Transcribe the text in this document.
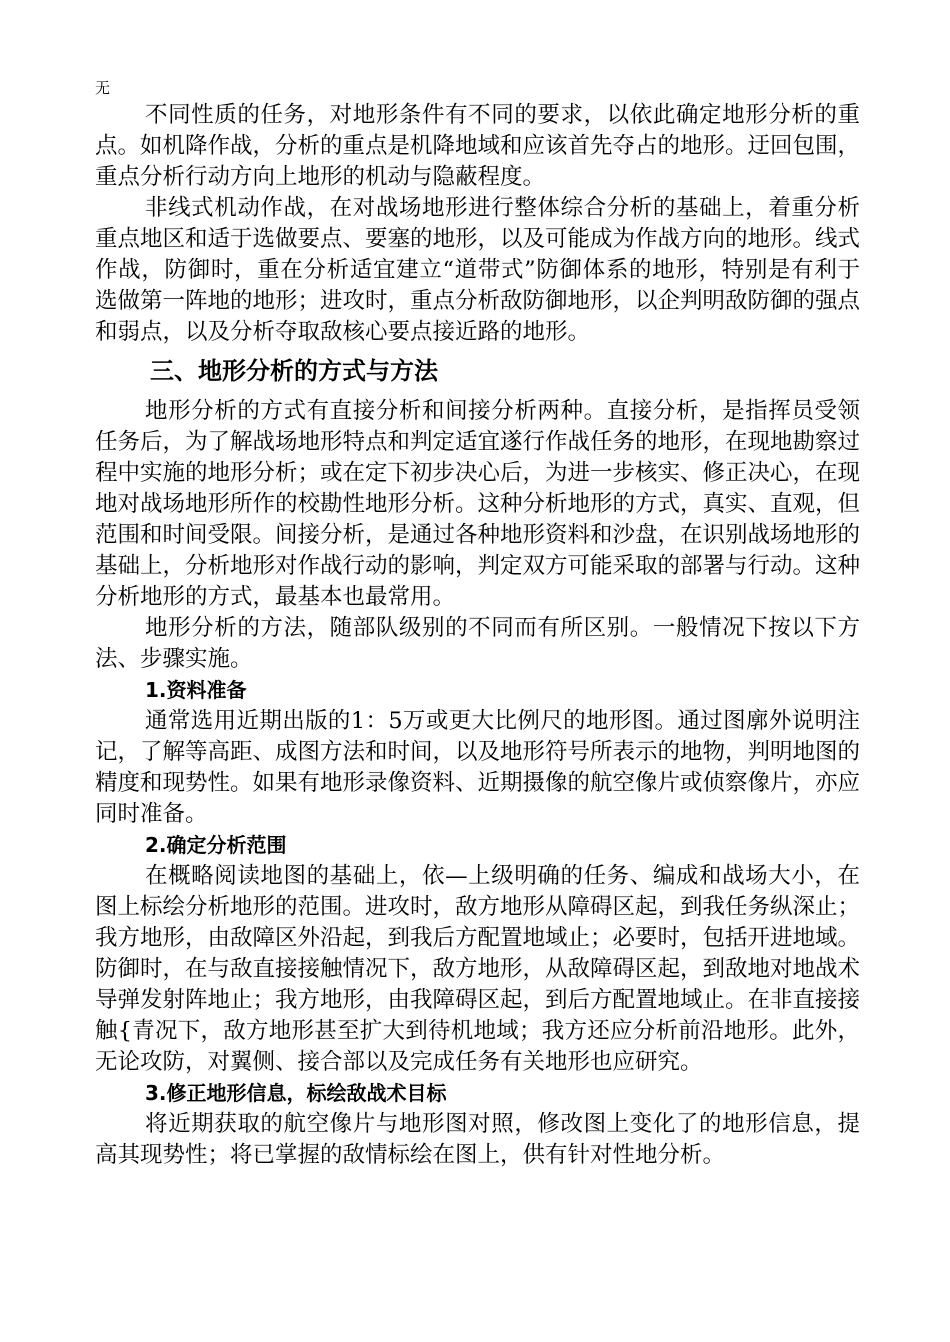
无

不同性质的任务，对地形条件有不同的要求，以依此确定地形分析的重点。如机降作战，分析的重点是机降地域和应该首先夺占的地形。迂回包围，重点分析行动方向上地形的机动与隐蔽程度。

非线式机动作战，在对战场地形进行整体综合分析的基础上，着重分析重点地区和适于选做要点、要塞的地形，以及可能成为作战方向的地形。线式作战，防御时，重在分析适宜建立“道带式”防御体系的地形，特别是有利于选做第一阵地的地形；进攻时，重点分析敌防御地形，以企判明敌防御的强点和弱点，以及分析夺取敌核心要点接近路的地形。

三、地形分析的方式与方法

地形分析的方式有直接分析和间接分析两种。直接分析，是指挥员受领任务后，为了解战场地形特点和判定适宜遂行作战任务的地形，在现地勘察过程中实施的地形分析；或在定下初步决心后，为进一步核实、修正决心，在现地对战场地形所作的校勘性地形分析。这种分析地形的方式，真实、直观，但范围和时间受限。间接分析，是通过各种地形资料和沙盘，在识别战场地形的基础上，分析地形对作战行动的影响，判定双方可能采取的部署与行动。这种分析地形的方式，最基本也最常用。

地形分析的方法，随部队级别的不同而有所区别。一般情况下按以下方法、步骤实施。

1.资料准备

通常选用近期出版的1：5万或更大比例尺的地形图。通过图廓外说明注记，了解等高距、成图方法和时间，以及地形符号所表示的地物，判明地图的精度和现势性。如果有地形录像资料、近期摄像的航空像片或侦察像片，亦应同时准备。

2.确定分析范围

在概略阅读地图的基础上，依—上级明确的任务、编成和战场大小，在图上标绘分析地形的范围。进攻时，敌方地形从障碍区起，到我任务纵深止；我方地形，由敌障区外沿起，到我后方配置地域止；必要时，包括开进地域。防御时，在与敌直接接触情况下，敌方地形，从敌障碍区起，到敌地对地战术导弹发射阵地止；我方地形，由我障碍区起，到后方配置地域止。在非直接接触{青况下，敌方地形甚至扩大到待机地域；我方还应分析前沿地形。此外，无论攻防，对翼侧、接合部以及完成任务有关地形也应研究。

3.修正地形信息，标绘敌战术目标

将近期获取的航空像片与地形图对照，修改图上变化了的地形信息，提高其现势性；将已掌握的敌情标绘在图上，供有针对性地分析。
